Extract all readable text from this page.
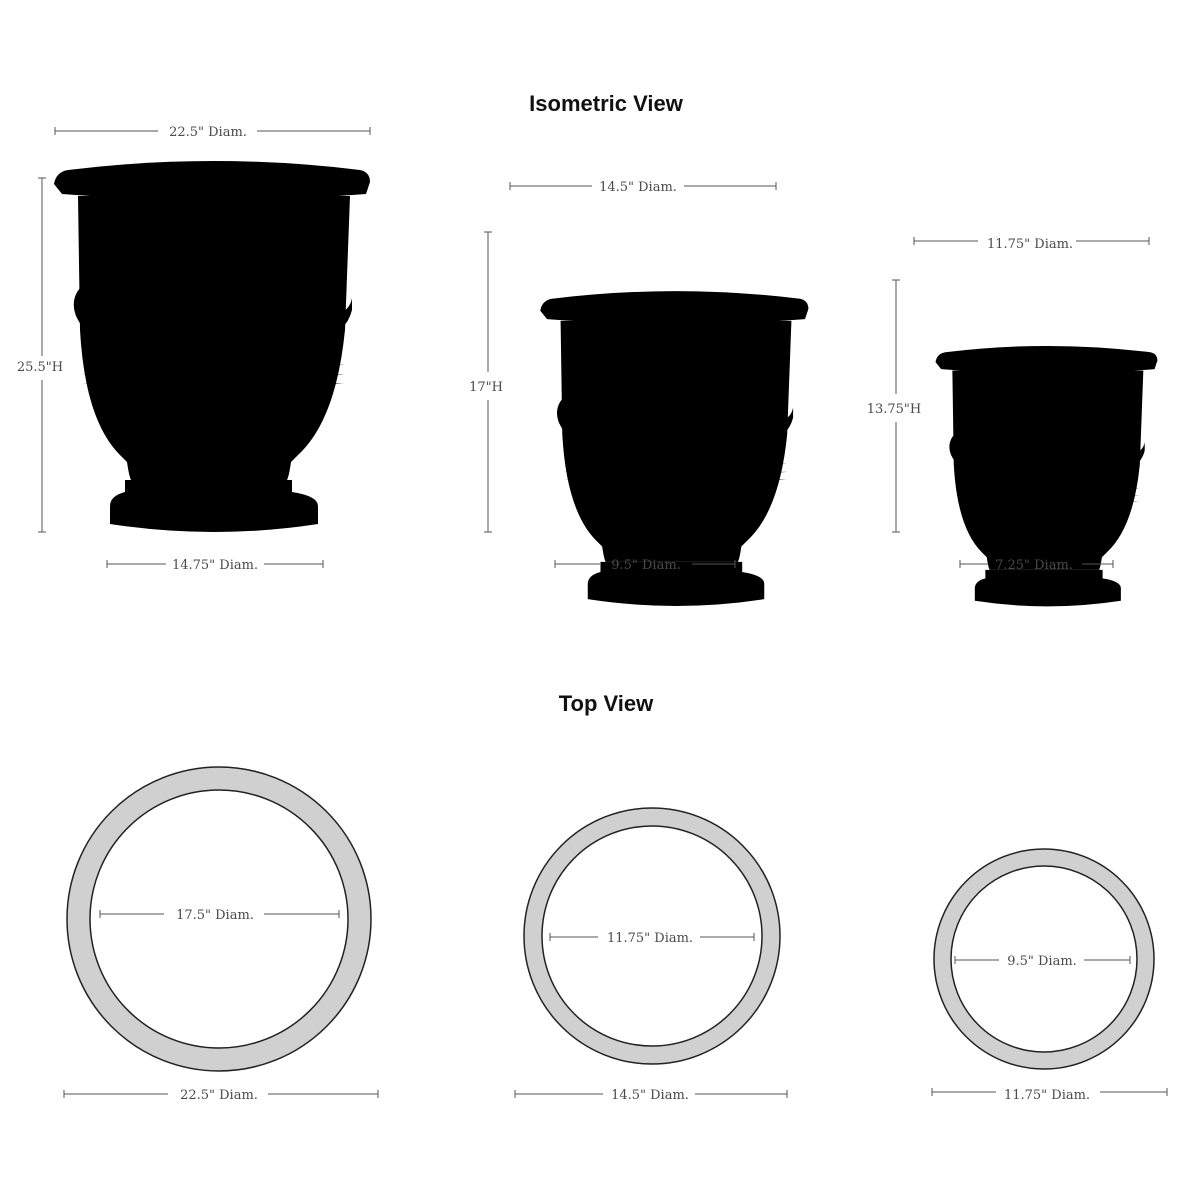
Isometric View
22.5" Diam.
25.5"H
14.75" Diam.
14.5" Diam.
17"H
9.5" Diam.
11.75" Diam.
13.75"H
7.25" Diam.
Top View
17.5" Diam.
22.5" Diam.
11.75" Diam.
14.5" Diam.
9.5" Diam.
11.75" Diam.
